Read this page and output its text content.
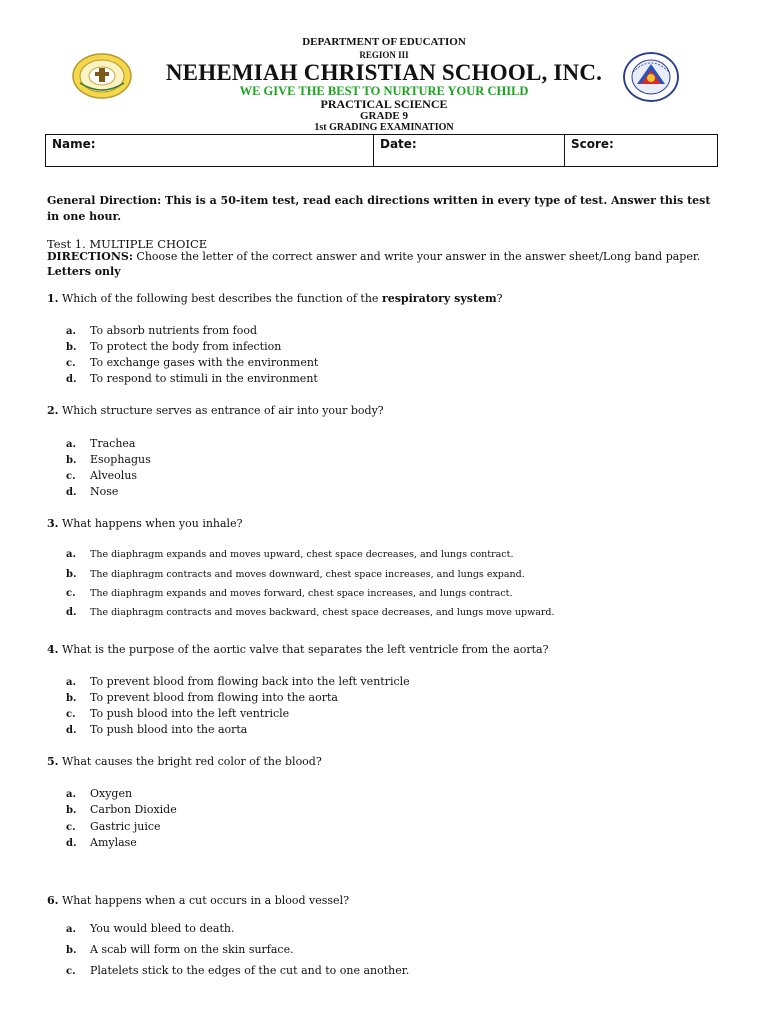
DEPARTMENT OF EDUCATION
REGION III
NEHEMIAH CHRISTIAN SCHOOL, INC.
WE GIVE THE BEST TO NURTURE YOUR CHILD
PRACTICAL SCIENCE
GRADE 9
1st GRADING EXAMINATION
Name:	Date:	Score:
General Direction: This is a 50-item test, read each directions written in every type of test. Answer this test in one hour.
Test 1. MULTIPLE CHOICE
DIRECTIONS: Choose the letter of the correct answer and write your answer in the answer sheet/Long band paper. Letters only
1. Which of the following best describes the function of the respiratory system?
a. To absorb nutrients from food
b. To protect the body from infection
c. To exchange gases with the environment
d. To respond to stimuli in the environment
2. Which structure serves as entrance of air into your body?
a. Trachea
b. Esophagus
c. Alveolus
d. Nose
3. What happens when you inhale?
a. The diaphragm expands and moves upward, chest space decreases, and lungs contract.
b. The diaphragm contracts and moves downward, chest space increases, and lungs expand.
c. The diaphragm expands and moves forward, chest space increases, and lungs contract.
d. The diaphragm contracts and moves backward, chest space decreases, and lungs move upward.
4. What is the purpose of the aortic valve that separates the left ventricle from the aorta?
a. To prevent blood from flowing back into the left ventricle
b. To prevent blood from flowing into the aorta
c. To push blood into the left ventricle
d. To push blood into the aorta
5. What causes the bright red color of the blood?
a. Oxygen
b. Carbon Dioxide
c. Gastric juice
d. Amylase
6. What happens when a cut occurs in a blood vessel?
a. You would bleed to death.
b. A scab will form on the skin surface.
c. Platelets stick to the edges of the cut and to one another.
